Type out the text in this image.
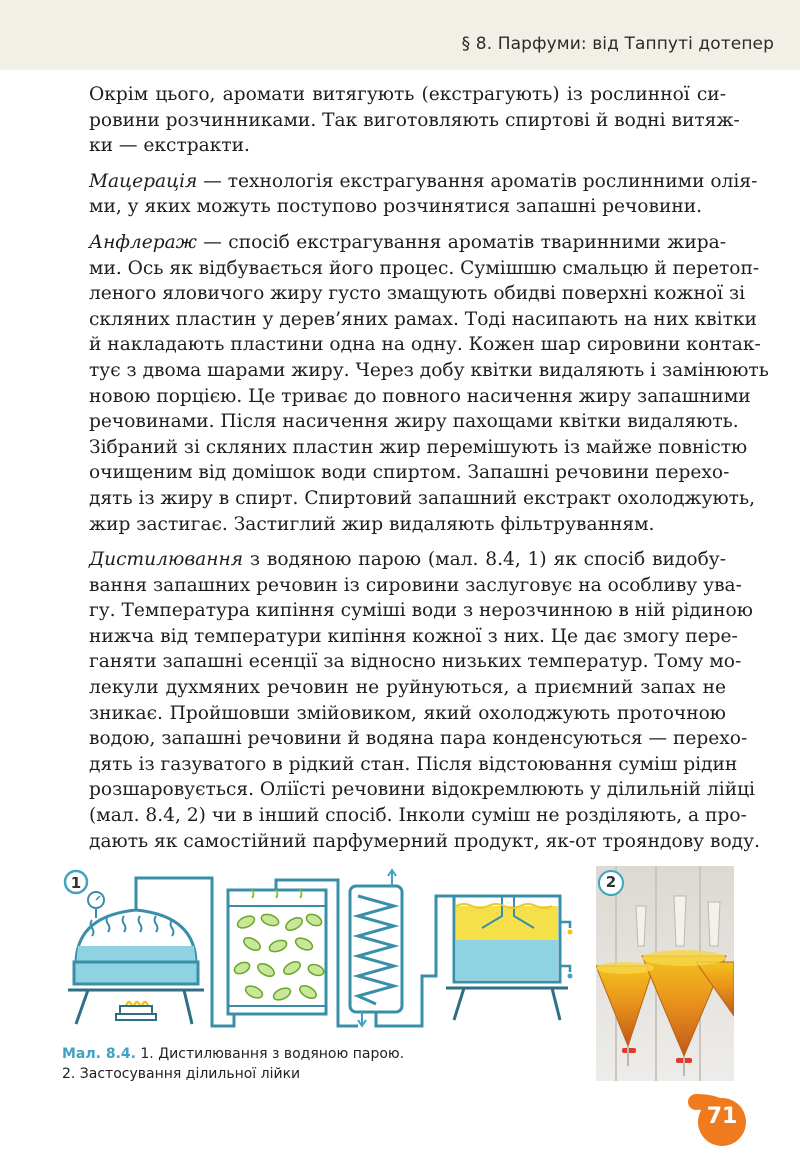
§ 8. Парфуми: від Таппуті дотепер

Окрім цього, аромати витягують (екстрагують) із рослинної си-
ровини розчинниками. Так виготовляють спиртові й водні витяж-
ки — екстракти.

Мацерація — технологія екстрагування ароматів рослинними олія-
ми, у яких можуть поступово розчинятися запашні речовини.

Анфлераж — спосіб екстрагування ароматів тваринними жира-
ми. Ось як відбувається його процес. Сумішшю смальцю й перетоп-
леного яловичого жиру густо змащують обидві поверхні кожної зі
скляних пластин у дерев’яних рамах. Тоді насипають на них квітки
й накладають пластини одна на одну. Кожен шар сировини контак-
тує з двома шарами жиру. Через добу квітки видаляють і замінюють
новою порцією. Це триває до повного насичення жиру запашними
речовинами. Після насичення жиру пахощами квітки видаляють.
Зібраний зі скляних пластин жир перемішують із майже повністю
очищеним від домішок води спиртом. Запашні речовини перехо-
дять із жиру в спирт. Спиртовий запашний екстракт охолоджують,
жир застигає. Застиглий жир видаляють фільтруванням.

Дистилювання з водяною парою (мал. 8.4, 1) як спосіб видобу-
вання запашних речовин із сировини заслуговує на особливу ува-
гу. Температура кипіння суміші води з нерозчинною в ній рідиною
нижча від температури кипіння кожної з них. Це дає змогу пере-
ганяти запашні есенції за відносно низьких температур. Тому мо-
лекули духмяних речовин не руйнуються, а приємний запах не
зникає. Пройшовши змійовиком, який охолоджують проточною
водою, запашні речовини й водяна пара конденсуються — перехо-
дять із газуватого в рідкий стан. Після відстоювання суміш рідин
розшаровується. Оліїсті речовини відокремлюють у ділильній лійці
(мал. 8.4, 2) чи в інший спосіб. Інколи суміш не розділяють, а про-
дають як самостійний парфумерний продукт, як-от трояндову воду.

1	2
Мал. 8.4. 1. Дистилювання з водяною парою.
2. Застосування ділильної лійки
71
